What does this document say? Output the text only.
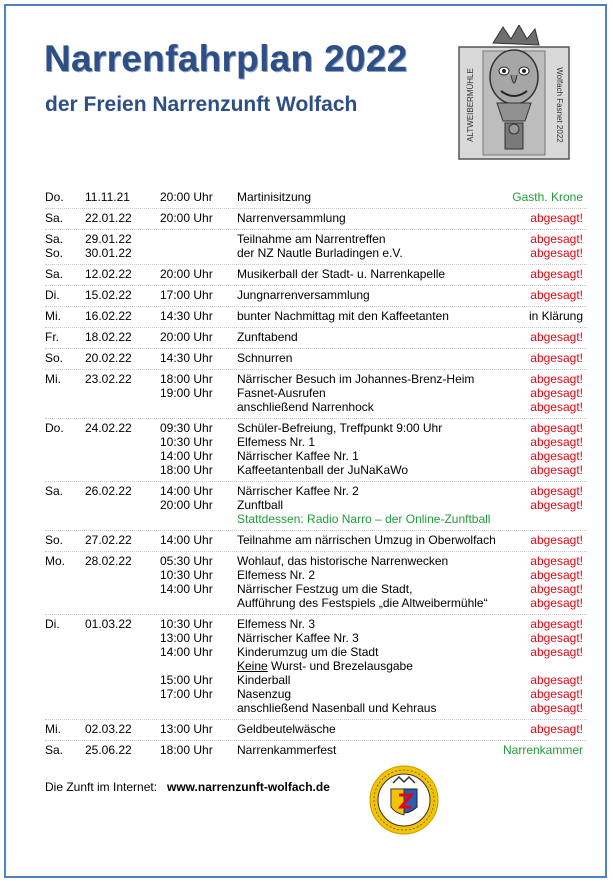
Narrenfahrplan 2022
der Freien Narrenzunft Wolfach	ALTWEIBERMÜHLE	Wolfach Fasnet 2022
Do. 11.11.21	20:00 Uhr Martinisitzung	Gasth. Krone
Sa. 22.01.22 20:00 Uhr Narrenversammlung	abgesagt!
Sa. 29.01.22	Teilnahme am Narrentreffen	abgesagt!
So. 30.01.22	der NZ Nautle Burladingen e.V.	abgesagt!
Sa. 12.02.22 20:00 Uhr Musikerball der Stadt- u. Narrenkapelle	abgesagt!
Di. 15.02.22 17:00 Uhr Jungnarrenversammlung	abgesagt!
Mi. 16.02.22 14:30 Uhr bunter Nachmittag mit den Kaffeetanten	in Klärung
Fr. 18.02.22 20:00 Uhr Zunftabend	abgesagt!
So. 20.02.22 14:30 Uhr Schnurren	abgesagt!
Mi. 23.02.22 18:00 Uhr Närrischer Besuch im Johannes-Brenz-Heim	abgesagt!
19:00 Uhr Fasnet-Ausrufen	abgesagt!
anschließend Narrenhock	abgesagt!
Do. 24.02.22 09:30 Uhr Schüler-Befreiung, Treffpunkt 9:00 Uhr	abgesagt!
10:30 Uhr Elfemess Nr. 1	abgesagt!
14:00 Uhr Närrischer Kaffee Nr. 1	abgesagt!
18:00 Uhr Kaffeetantenball der JuNaKaWo	abgesagt!
Sa. 26.02.22 14:00 Uhr Närrischer Kaffee Nr. 2	abgesagt!
20:00 Uhr Zunftball	abgesagt!
Stattdessen: Radio Narro – der Online-Zunftball
So. 27.02.22 14:00 Uhr Teilnahme am närrischen Umzug in Oberwolfach	abgesagt!
Mo. 28.02.22 05:30 Uhr Wohlauf, das historische Narrenwecken	abgesagt!
10:30 Uhr Elfemess Nr. 2	abgesagt!
14:00 Uhr Närrischer Festzug um die Stadt,	abgesagt!
Aufführung des Festspiels „die Altweibermühle“	abgesagt!
Di. 01.03.22 10:30 Uhr Elfemess Nr. 3	abgesagt!
13:00 Uhr Närrischer Kaffee Nr. 3	abgesagt!
14:00 Uhr Kinderumzug um die Stadt	abgesagt!
Keine Wurst- und Brezelausgabe
15:00 Uhr Kinderball	abgesagt!
17:00 Uhr Nasenzug	abgesagt!
anschließend Nasenball und Kehraus	abgesagt!
Mi. 02.03.22 13:00 Uhr Geldbeutelwäsche	abgesagt!
Sa. 25.06.22 18:00 Uhr Narrenkammerfest	Narrenkammer
Die Zunft im Internet: www.narrenzunft-wolfach.de
